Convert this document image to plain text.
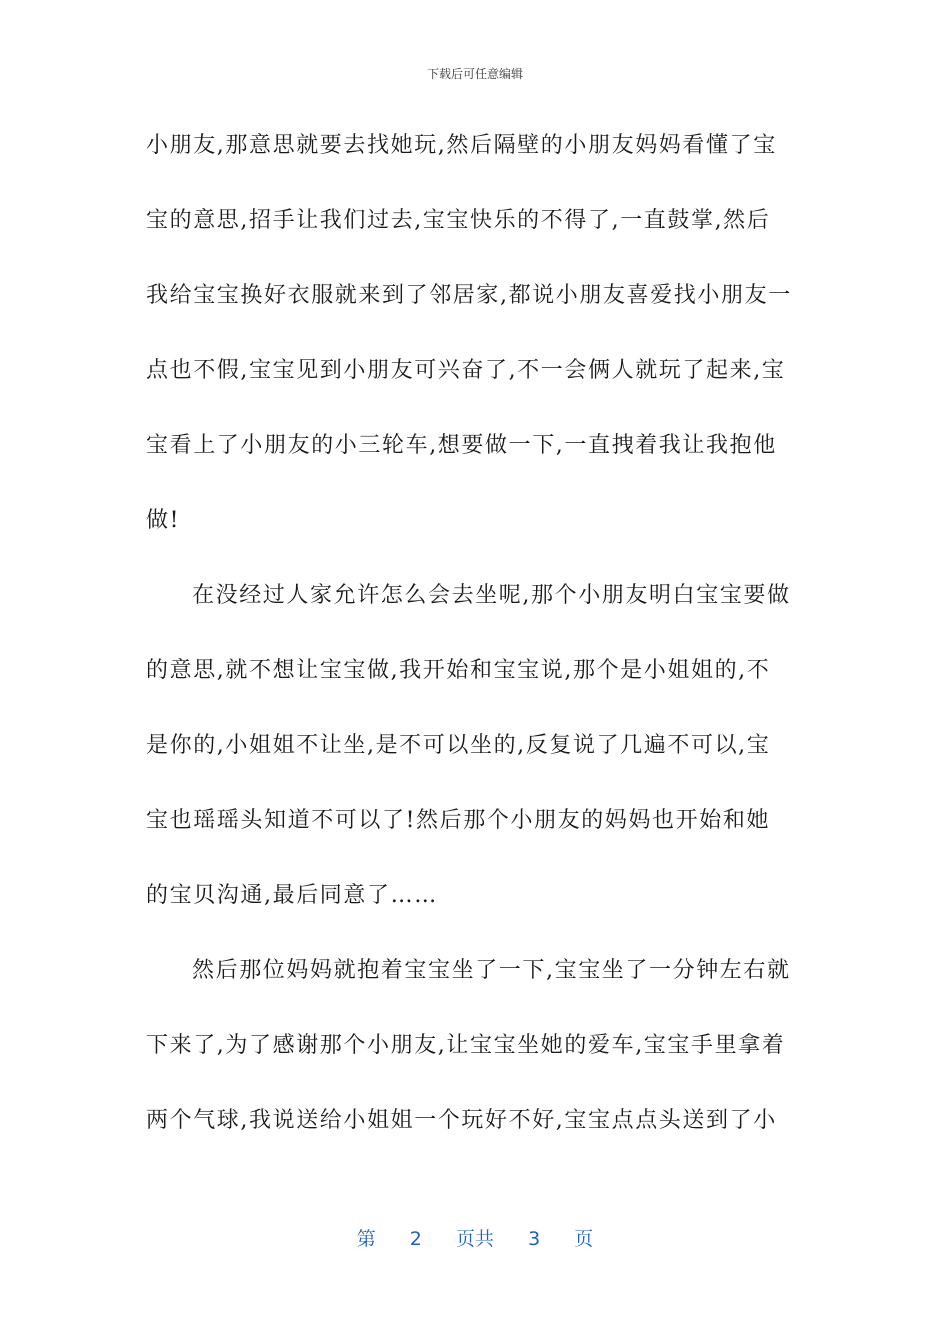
下载后可任意编辑
小朋友,那意思就要去找她玩,然后隔壁的小朋友妈妈看懂了宝
宝的意思,招手让我们过去,宝宝快乐的不得了,一直鼓掌,然后
我给宝宝换好衣服就来到了邻居家,都说小朋友喜爱找小朋友一
点也不假,宝宝见到小朋友可兴奋了,不一会俩人就玩了起来,宝
宝看上了小朋友的小三轮车,想要做一下,一直拽着我让我抱他
做!
在没经过人家允许怎么会去坐呢,那个小朋友明白宝宝要做
的意思,就不想让宝宝做,我开始和宝宝说,那个是小姐姐的,不
是你的,小姐姐不让坐,是不可以坐的,反复说了几遍不可以,宝
宝也瑶瑶头知道不可以了!然后那个小朋友的妈妈也开始和她
的宝贝沟通,最后同意了……
然后那位妈妈就抱着宝宝坐了一下,宝宝坐了一分钟左右就
下来了,为了感谢那个小朋友,让宝宝坐她的爱车,宝宝手里拿着
两个气球,我说送给小姐姐一个玩好不好,宝宝点点头送到了小
第 2 页共 3 页
